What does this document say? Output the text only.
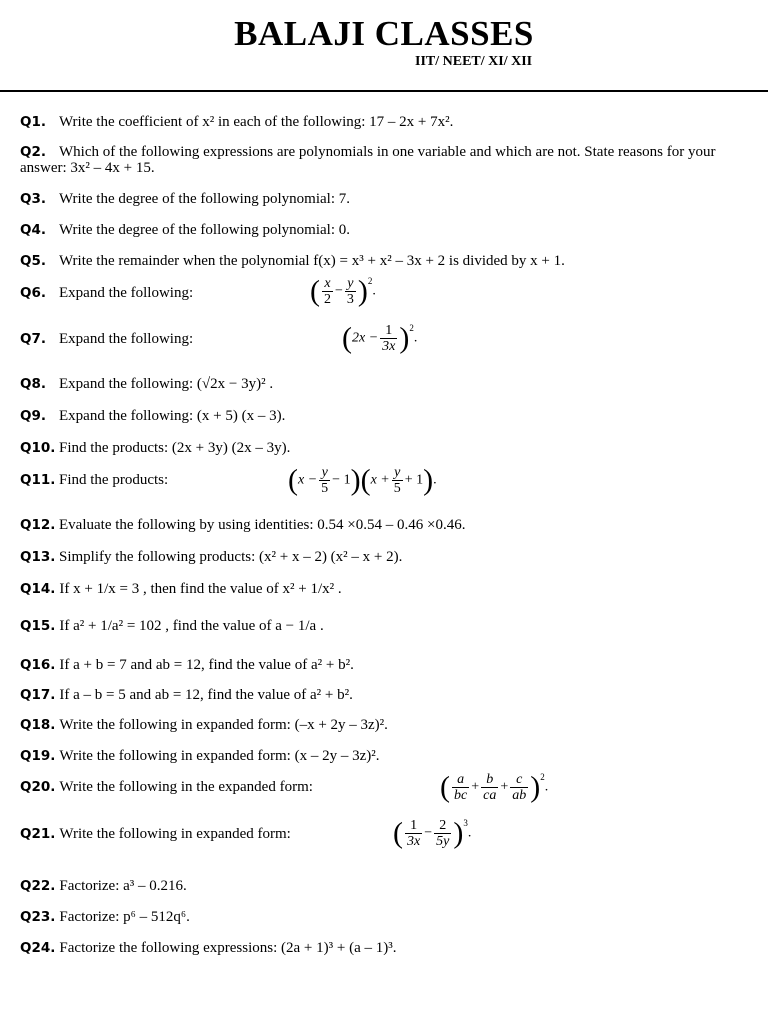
BALAJI CLASSES
IIT/ NEET/ XI/ XII
Q1. Write the coefficient of x² in each of the following: 17 – 2x + 7x².
Q2. Which of the following expressions are polynomials in one variable and which are not. State reasons for your answer: 3x² – 4x + 15.
Q3. Write the degree of the following polynomial: 7.
Q4. Write the degree of the following polynomial: 0.
Q5. Write the remainder when the polynomial f(x) = x³ + x² – 3x + 2 is divided by x + 1.
Q6. Expand the following:	( $\frac{x}{2} - \frac{y}{3} )^2$.
Q7. Expand the following:	$(2x - \frac{1}{3x} )^2$.
Q8. Expand the following: (√2x − 3y)² .
Q9. Expand the following: (x + 5) (x – 3).
Q10. Find the products: (2x + 3y) (2x – 3y).
Q11. Find the products:	$(x - \frac{y}{5} - 1)(x + \frac{y}{5} + 1)$.
Q12. Evaluate the following by using identities: 0.54 ×0.54 – 0.46 ×0.46.
Q13. Simplify the following products: (x² + x – 2) (x² – x + 2).
Q14. If x + 1/x = 3 , then find the value of x² + 1/x² .
Q15. If a² + 1/a² = 102 , find the value of a − 1/a .
Q16. If a + b = 7 and ab = 12, find the value of a² + b².
Q17. If a – b = 5 and ab = 12, find the value of a² + b².
Q18. Write the following in expanded form: (–x + 2y – 3z)².
Q19. Write the following in expanded form: (x – 2y – 3z)².
Q20. Write the following in the expanded form:	( $\frac{a}{bc} + \frac{b}{ca} + \frac{c}{ab} )^2$.
Q21. Write the following in expanded form:	( $\frac{1}{3x} - \frac{2}{5y} )^3$.
Q22. Factorize: a³ – 0.216.
Q23. Factorize: p⁶ – 512q⁶.
Q24. Factorize the following expressions: (2a + 1)³ + (a – 1)³.
